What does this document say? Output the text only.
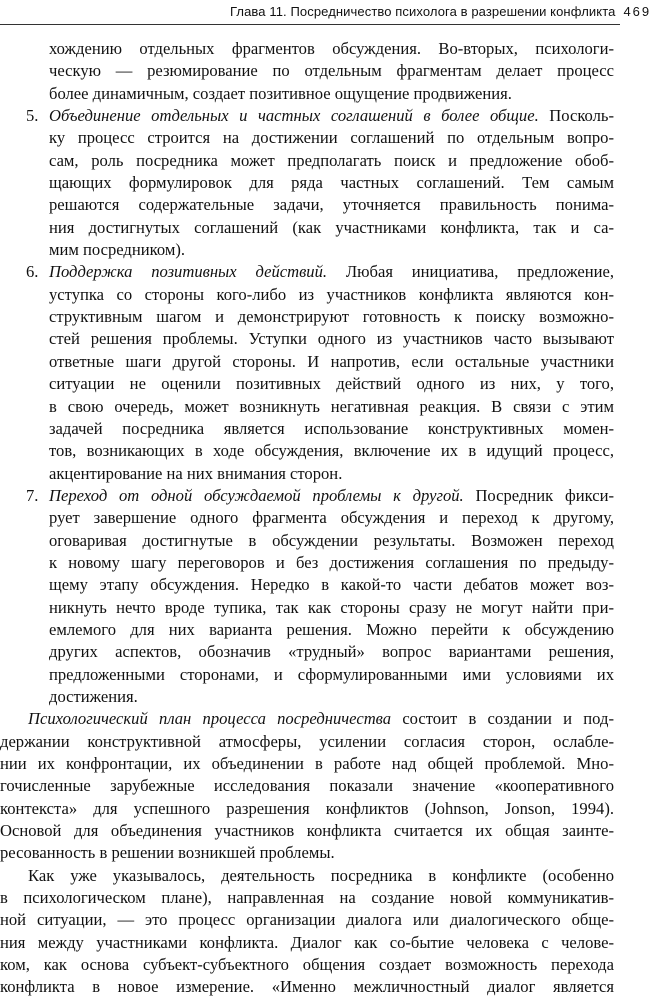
Глава 11. Посредничество психолога в разрешении конфликта 469
хождению отдельных фрагментов обсуждения. Во-вторых, психологи-
ческую — резюмирование по отдельным фрагментам делает процесс
более динамичным, создает позитивное ощущение продвижения.
5. Объединение отдельных и частных соглашений в более общие. Посколь-
ку процесс строится на достижении соглашений по отдельным вопро-
сам, роль посредника может предполагать поиск и предложение обоб-
щающих формулировок для ряда частных соглашений. Тем самым
решаются содержательные задачи, уточняется правильность понима-
ния достигнутых соглашений (как участниками конфликта, так и са-
мим посредником).
6. Поддержка позитивных действий. Любая инициатива, предложение,
уступка со стороны кого-либо из участников конфликта являются кон-
структивным шагом и демонстрируют готовность к поиску возможно-
стей решения проблемы. Уступки одного из участников часто вызывают
ответные шаги другой стороны. И напротив, если остальные участники
ситуации не оценили позитивных действий одного из них, у того,
в свою очередь, может возникнуть негативная реакция. В связи с этим
задачей посредника является использование конструктивных момен-
тов, возникающих в ходе обсуждения, включение их в идущий процесс,
акцентирование на них внимания сторон.
7. Переход от одной обсуждаемой проблемы к другой. Посредник фикси-
рует завершение одного фрагмента обсуждения и переход к другому,
оговаривая достигнутые в обсуждении результаты. Возможен переход
к новому шагу переговоров и без достижения соглашения по предыду-
щему этапу обсуждения. Нередко в какой-то части дебатов может воз-
никнуть нечто вроде тупика, так как стороны сразу не могут найти при-
емлемого для них варианта решения. Можно перейти к обсуждению
других аспектов, обозначив «трудный» вопрос вариантами решения,
предложенными сторонами, и сформулированными ими условиями их
достижения.
Психологический план процесса посредничества состоит в создании и под-
держании конструктивной атмосферы, усилении согласия сторон, ослабле-
нии их конфронтации, их объединении в работе над общей проблемой. Мно-
гочисленные зарубежные исследования показали значение «кооперативного
контекста» для успешного разрешения конфликтов (Johnson, Jonson, 1994).
Основой для объединения участников конфликта считается их общая заинте-
ресованность в решении возникшей проблемы.
Как уже указывалось, деятельность посредника в конфликте (особенно
в психологическом плане), направленная на создание новой коммуникатив-
ной ситуации, — это процесс организации диалога или диалогического обще-
ния между участниками конфликта. Диалог как со-бытие человека с челове-
ком, как основа субъект-субъектного общения создает возможность перехода
конфликта в новое измерение. «Именно межличностный диалог является
